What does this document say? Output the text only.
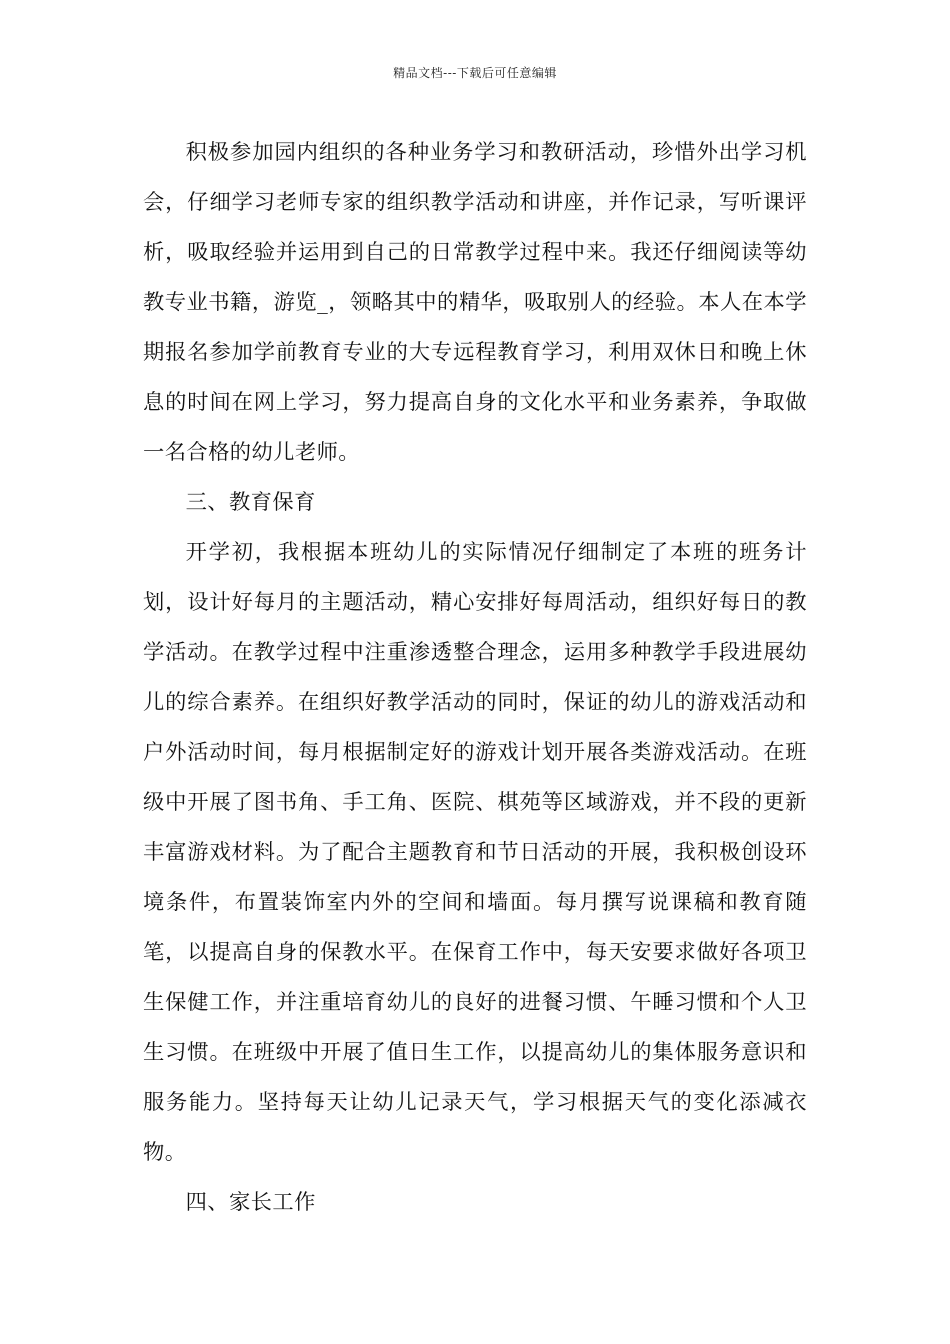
精品文档---下载后可任意编辑

积极参加园内组织的各种业务学习和教研活动，珍惜外出学习机会，仔细学习老师专家的组织教学活动和讲座，并作记录，写听课评析，吸取经验并运用到自己的日常教学过程中来。我还仔细阅读等幼教专业书籍，游览_，领略其中的精华，吸取别人的经验。本人在本学期报名参加学前教育专业的大专远程教育学习，利用双休日和晚上休息的时间在网上学习，努力提高自身的文化水平和业务素养，争取做一名合格的幼儿老师。

三、教育保育

开学初，我根据本班幼儿的实际情况仔细制定了本班的班务计划，设计好每月的主题活动，精心安排好每周活动，组织好每日的教学活动。在教学过程中注重渗透整合理念，运用多种教学手段进展幼儿的综合素养。在组织好教学活动的同时，保证的幼儿的游戏活动和户外活动时间，每月根据制定好的游戏计划开展各类游戏活动。在班级中开展了图书角、手工角、医院、棋苑等区域游戏，并不段的更新丰富游戏材料。为了配合主题教育和节日活动的开展，我积极创设环境条件，布置装饰室内外的空间和墙面。每月撰写说课稿和教育随笔，以提高自身的保教水平。在保育工作中，每天安要求做好各项卫生保健工作，并注重培育幼儿的良好的进餐习惯、午睡习惯和个人卫生习惯。在班级中开展了值日生工作，以提高幼儿的集体服务意识和服务能力。坚持每天让幼儿记录天气，学习根据天气的变化添减衣物。

四、家长工作
